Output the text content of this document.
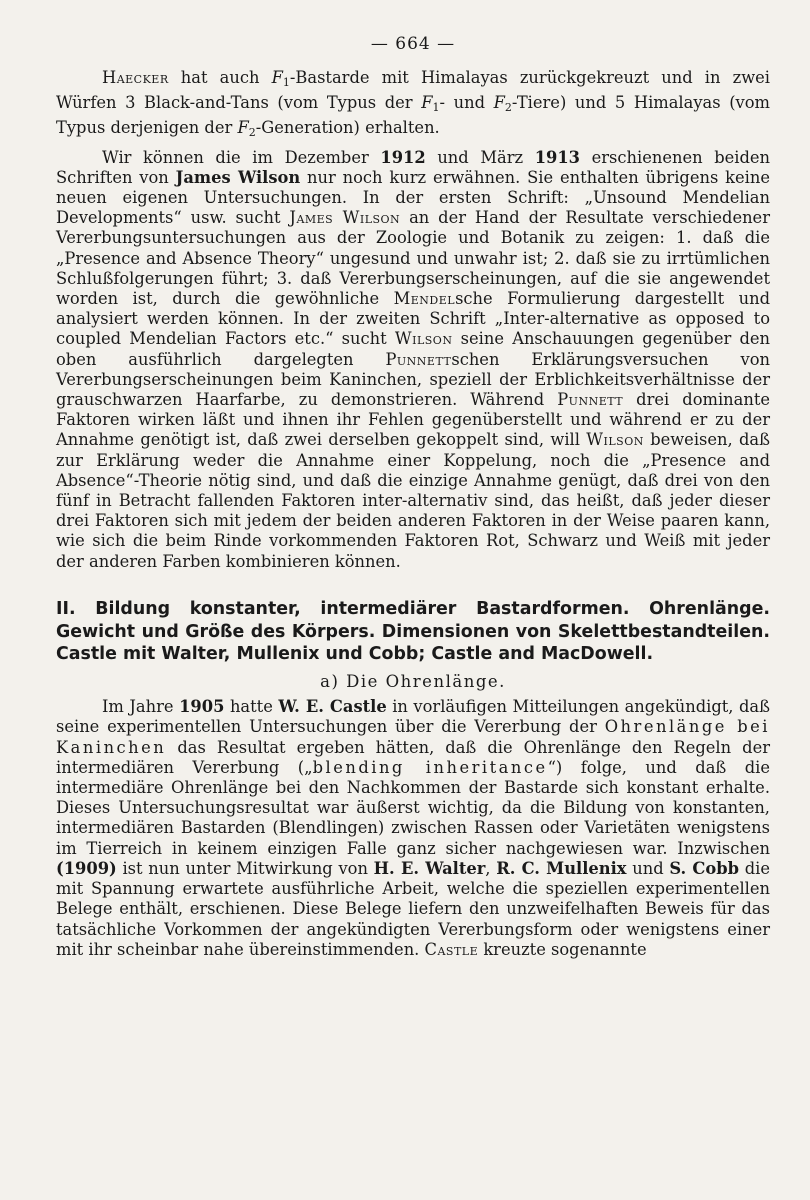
— 664 —

Haecker hat auch $F_1$-Bastarde mit Himalayas zurückgekreuzt und in zwei Würfen 3 Black-and-Tans (vom Typus der $F_1-$ und $F_2-Tiere$) und 5 Himalayas (vom Typus derjenigen der $F_2-Generation$) erhalten.

Wir können die im Dezember 1912 und März 1913 erschienenen beiden Schriften von James Wilson nur noch kurz erwähnen. Sie enthalten übrigens keine neuen eigenen Untersuchungen. In der ersten Schrift: „Unsound Mendelian Developments“ usw. sucht James Wilson an der Hand der Resultate verschiedener Vererbungsuntersuchungen aus der Zoologie und Botanik zu zeigen: 1. daß die „Presence and Absence Theory“ ungesund und unwahr ist; 2. daß sie zu irrtümlichen Schlußfolgerungen führt; 3. daß Vererbungserscheinungen, auf die sie angewendet worden ist, durch die gewöhnliche Mendelsche Formulierung dargestellt und analysiert werden können. In der zweiten Schrift „Inter-alternative as opposed to coupled Mendelian Factors etc.“ sucht Wilson seine Anschauungen gegenüber den oben ausführlich dargelegten Punnettschen Erklärungsversuchen von Vererbungserscheinungen beim Kaninchen, speziell der Erblichkeitsverhältnisse der grauschwarzen Haarfarbe, zu demonstrieren. Während Punnett drei dominante Faktoren wirken läßt und ihnen ihr Fehlen gegenüberstellt und während er zu der Annahme genötigt ist, daß zwei derselben gekoppelt sind, will Wilson beweisen, daß zur Erklärung weder die Annahme einer Koppelung, noch die „Presence and Absence“-Theorie nötig sind, und daß die einzige Annahme genügt, daß drei von den fünf in Betracht fallenden Faktoren inter-alternativ sind, das heißt, daß jeder dieser drei Faktoren sich mit jedem der beiden anderen Faktoren in der Weise paaren kann, wie sich die beim Rinde vorkommenden Faktoren Rot, Schwarz und Weiß mit jeder der anderen Farben kombinieren können.

II. Bildung konstanter, intermediärer Bastardformen. Ohrenlänge. Gewicht und Größe des Körpers. Dimensionen von Skelettbestandteilen. Castle mit Walter, Mullenix und Cobb; Castle and MacDowell.
a) Die Ohrenlänge.

Im Jahre 1905 hatte W. E. Castle in vorläufigen Mitteilungen angekündigt, daß seine experimentellen Untersuchungen über die Vererbung der Ohrenlänge bei Kaninchen das Resultat ergeben hätten, daß die Ohrenlänge den Regeln der intermediären Vererbung („blending inheritance“) folge, und daß die intermediäre Ohrenlänge bei den Nachkommen der Bastarde sich konstant erhalte. Dieses Untersuchungsresultat war äußerst wichtig, da die Bildung von konstanten, intermediären Bastarden (Blendlingen) zwischen Rassen oder Varietäten wenigstens im Tierreich in keinem einzigen Falle ganz sicher nachgewiesen war. Inzwischen (1909) ist nun unter Mitwirkung von H. E. Walter, R. C. Mullenix und S. Cobb die mit Spannung erwartete ausführliche Arbeit, welche die speziellen experimentellen Belege enthält, erschienen. Diese Belege liefern den unzweifelhaften Beweis für das tatsächliche Vorkommen der angekündigten Vererbungsform oder wenigstens einer mit ihr scheinbar nahe übereinstimmenden. Castle kreuzte sogenannte
